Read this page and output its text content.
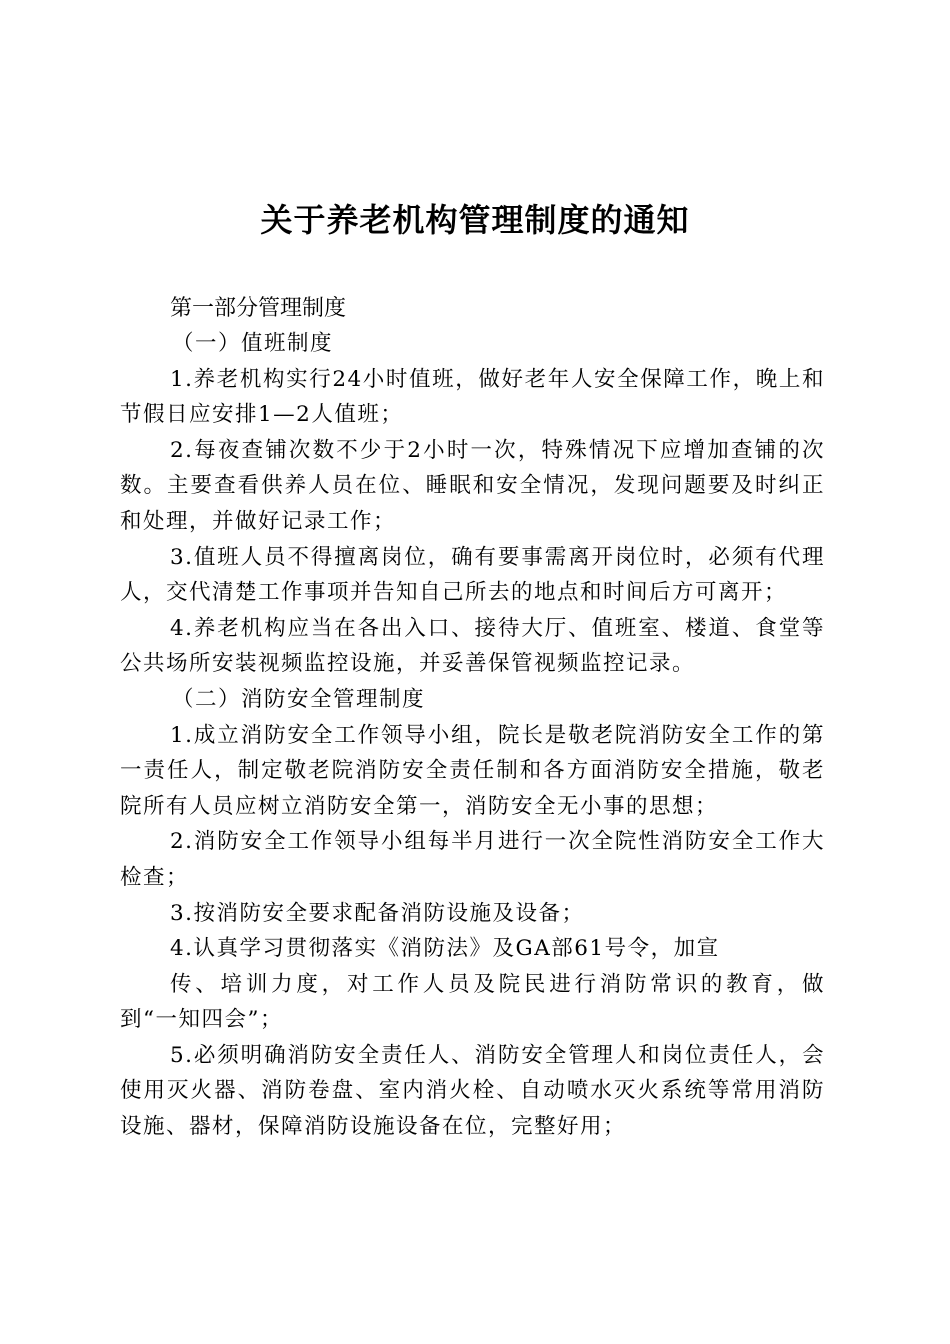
关于养老机构管理制度的通知
第一部分管理制度

（一）值班制度

1.养老机构实行24小时值班，做好老年人安全保障工作，晚上和节假日应安排1—2人值班；

2.每夜查铺次数不少于2小时一次，特殊情况下应增加查铺的次数。主要查看供养人员在位、睡眠和安全情况，发现问题要及时纠正和处理，并做好记录工作；

3.值班人员不得擅离岗位，确有要事需离开岗位时，必须有代理人，交代清楚工作事项并告知自己所去的地点和时间后方可离开；

4.养老机构应当在各出入口、接待大厅、值班室、楼道、食堂等公共场所安装视频监控设施，并妥善保管视频监控记录。

（二）消防安全管理制度

1.成立消防安全工作领导小组，院长是敬老院消防安全工作的第一责任人，制定敬老院消防安全责任制和各方面消防安全措施，敬老院所有人员应树立消防安全第一，消防安全无小事的思想；

2.消防安全工作领导小组每半月进行一次全院性消防安全工作大检查；

3.按消防安全要求配备消防设施及设备；

4.认真学习贯彻落实《消防法》及GA部61号令，加宣

传、培训力度，对工作人员及院民进行消防常识的教育，做到“一知四会”；

5.必须明确消防安全责任人、消防安全管理人和岗位责任人，会使用灭火器、消防卷盘、室内消火栓、自动喷水灭火系统等常用消防设施、器材，保障消防设施设备在位，完整好用；
